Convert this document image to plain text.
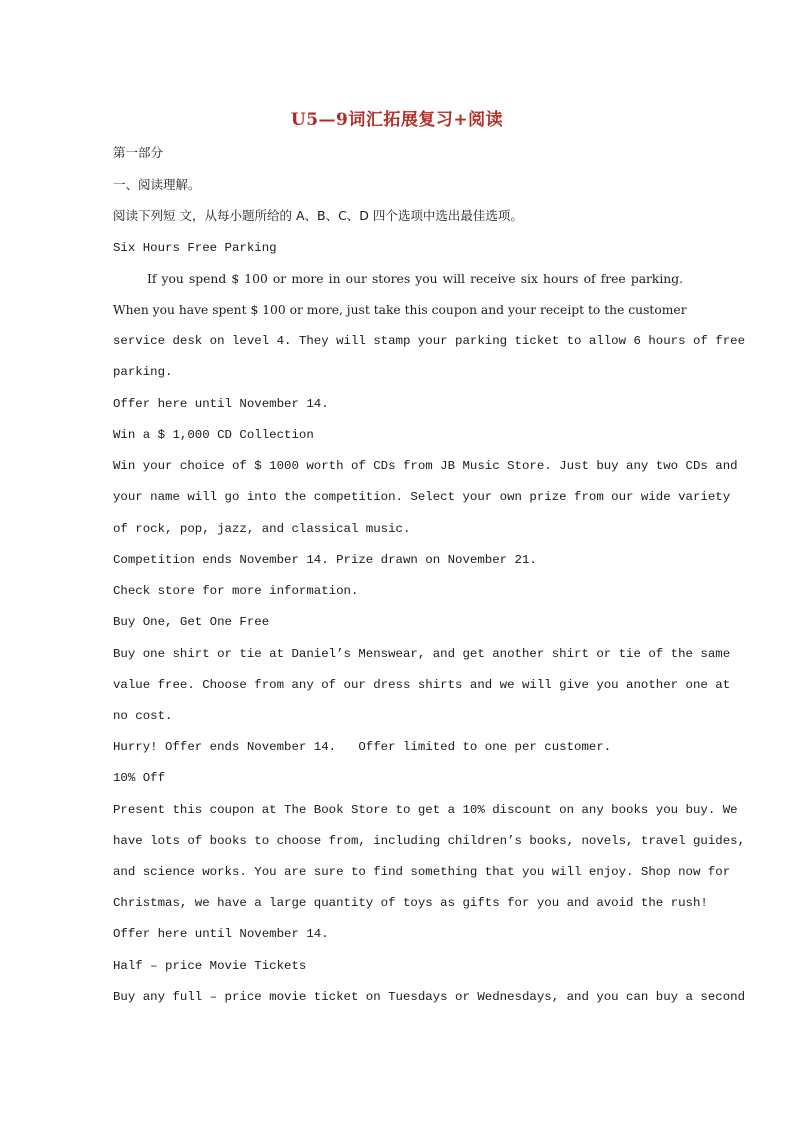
U5—9词汇拓展复习+阅读
第一部分
一、阅读理解。
阅读下列短 文，从每小题所给的 A、B、C、D 四个选项中选出最佳选项。
Six Hours Free Parking
If you spend $ 100 or more in our stores you will receive six hours of free parking.
When you have spent $ 100 or more, just take this coupon and your receipt to the customer
service desk on level 4. They will stamp your parking ticket to allow 6 hours of free
parking.
Offer here until November 14.
Win a $ 1,000 CD Collection
Win your choice of $ 1000 worth of CDs from JB Music Store. Just buy any two CDs and
your name will go into the competition. Select your own prize from our wide variety
of rock, pop, jazz, and classical music.
Competition ends November 14. Prize drawn on November 21.
Check store for more information.
Buy One, Get One Free
Buy one shirt or tie at Daniel’s Menswear, and get another shirt or tie of the same
value free. Choose from any of our dress shirts and we will give you another one at
no cost.
Hurry! Offer ends November 14.   Offer limited to one per customer.
10% Off
Present this coupon at The Book Store to get a 10% discount on any books you buy. We
have lots of books to choose from, including children’s books, novels, travel guides,
and science works. You are sure to find something that you will enjoy. Shop now for
Christmas, we have a large quantity of toys as gifts for you and avoid the rush!
Offer here until November 14.
Half – price Movie Tickets
Buy any full – price movie ticket on Tuesdays or Wednesdays, and you can buy a second
